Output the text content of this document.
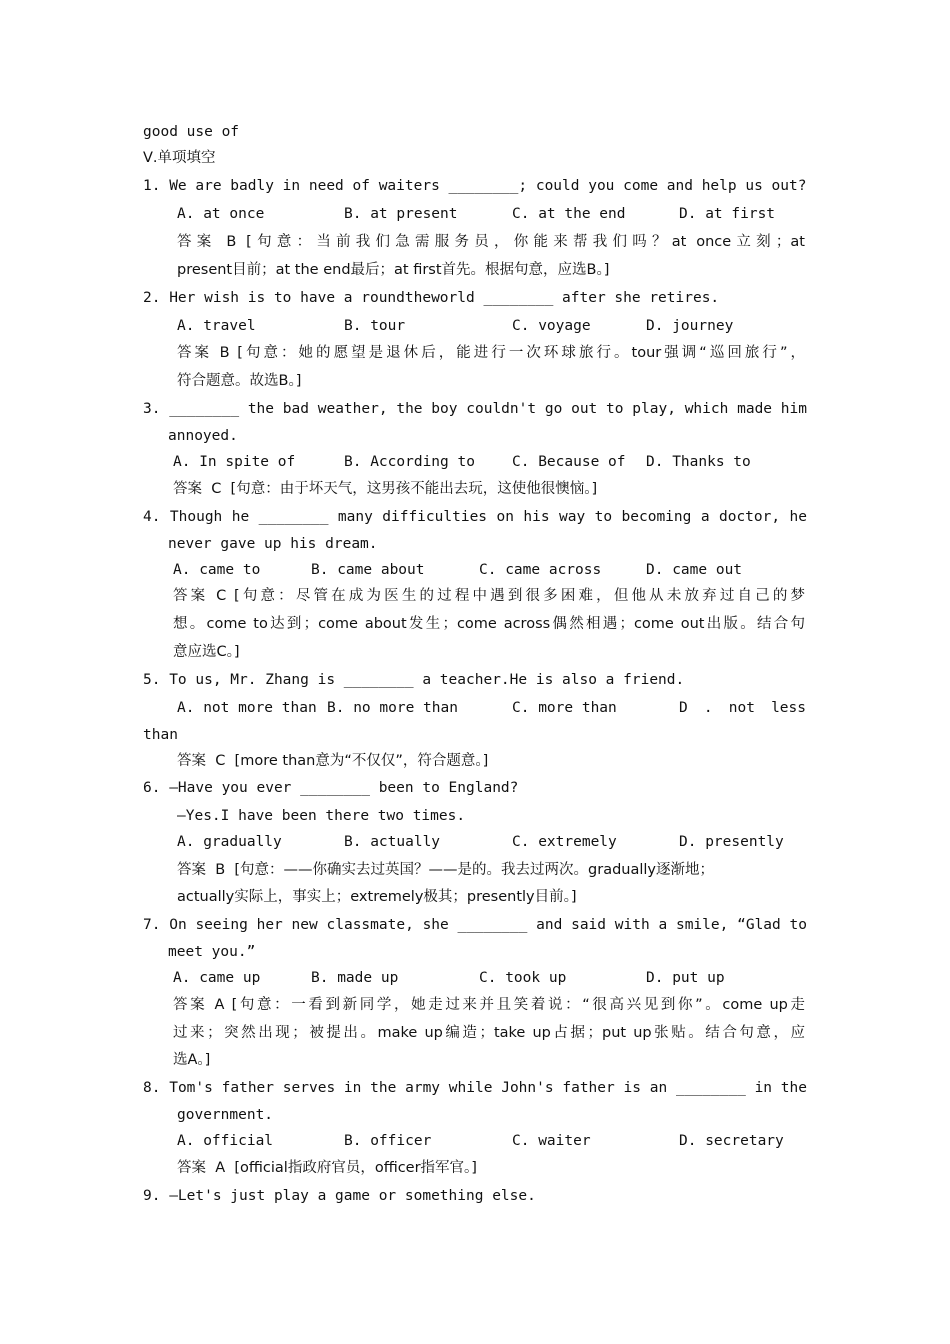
good use of
Ⅴ.单项填空
1. We are badly in need of waiters ________; could you come and help us out?
A. at once	B. at present	C. at the end	D. at first
答案 B [句意：当前我们急需服务员，你能来帮我们吗？at once立刻；at
present目前；at the end最后；at first首先。根据句意，应选B。]
2. Her wish is to have a roundtheworld ________ after she retires.
A. travel	B. tour	C. voyage	D. journey
答案 B [句意：她的愿望是退休后，能进行一次环球旅行。tour强调“巡回旅行”，
符合题意。故选B。]
3. ________ the bad weather, the boy couldn't go out to play, which made him
annoyed.
A. In spite of	B. According to	C. Because of D. Thanks to
答案  C  [句意：由于坏天气，这男孩不能出去玩，这使他很懊恼。]
4. Though he ________ many difficulties on his way to becoming a doctor, he
never gave up his dream.
A. came to	B. came about	C. came across	D. came out
答案 C [句意：尽管在成为医生的过程中遇到很多困难，但他从未放弃过自己的梦
想。come to达到；come about发生；come across偶然相遇；come out出版。结合句
意应选C。]
5. To us, Mr. Zhang is ________ a teacher.He is also a friend.
A. not more than B. no more than	C. more than	D . not less
than
答案  C  [more than意为“不仅仅”，符合题意。]
6. —Have you ever ________ been to England?
—Yes.I have been there two times.
A. gradually	B. actually	C. extremely	D. presently
答案  B  [句意：——你确实去过英国？——是的。我去过两次。gradually逐渐地；
actually实际上，事实上；extremely极其；presently目前。]
7. On seeing her new classmate, she ________ and said with a smile, “Glad to
meet you.”
A. came up	B. made up	C. took up	D. put up
答案 A [句意：一看到新同学，她走过来并且笑着说：“很高兴见到你”。come up走
过来；突然出现；被提出。make up编造；take up占据；put up张贴。结合句意，应
选A。]
8. Tom's father serves in the army while John's father is an ________ in the
government.
A. official	B. officer	C. waiter	D. secretary
答案  A  [official指政府官员，officer指军官。]
9. —Let's just play a game or something else.
